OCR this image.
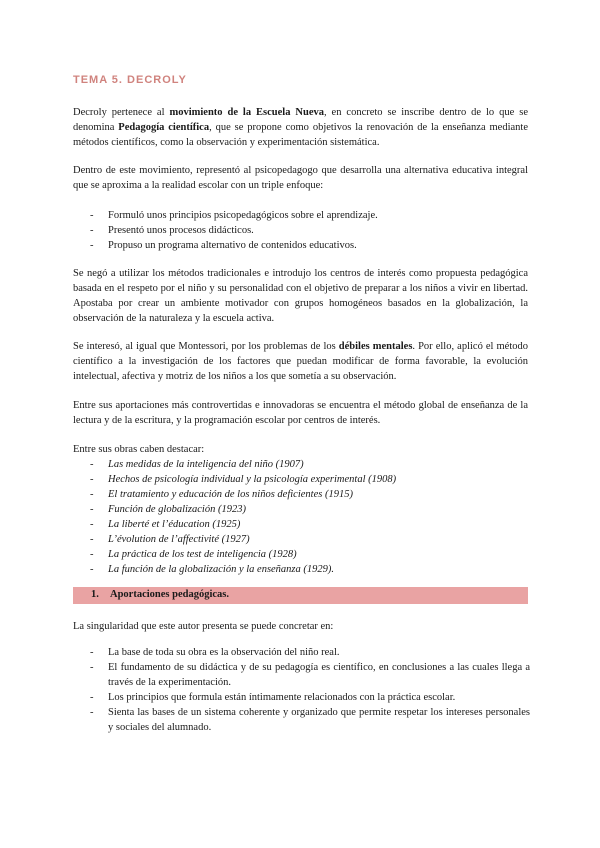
TEMA 5. DECROLY

Decroly pertenece al movimiento de la Escuela Nueva, en concreto se inscribe dentro de lo que se denomina Pedagogía científica, que se propone como objetivos la renovación de la enseñanza mediante métodos científicos, como la observación y experimentación sistemática.

Dentro de este movimiento, representó al psicopedagogo que desarrolla una alternativa educativa integral que se aproxima a la realidad escolar con un triple enfoque:

- Formuló unos principios psicopedagógicos sobre el aprendizaje.
- Presentó unos procesos didácticos.
- Propuso un programa alternativo de contenidos educativos.

Se negó a utilizar los métodos tradicionales e introdujo los centros de interés como propuesta pedagógica basada en el respeto por el niño y su personalidad con el objetivo de preparar a los niños a vivir en libertad. Apostaba por crear un ambiente motivador con grupos homogéneos basados en la globalización, la observación de la naturaleza y la escuela activa.

Se interesó, al igual que Montessori, por los problemas de los débiles mentales. Por ello, aplicó el método científico a la investigación de los factores que puedan modificar de forma favorable, la evolución intelectual, afectiva y motriz de los niños a los que sometía a su observación.

Entre sus aportaciones más controvertidas e innovadoras se encuentra el método global de enseñanza de la lectura y de la escritura, y la programación escolar por centros de interés.

Entre sus obras caben destacar:

- Las medidas de la inteligencia del niño (1907)
- Hechos de psicología individual y la psicología experimental (1908)
- El tratamiento y educación de los niños deficientes (1915)
- Función de globalización (1923)
- La liberté et l’éducation (1925)
- L’évolution de l’affectivité (1927)
- La práctica de los test de inteligencia (1928)
- La función de la globalización y la enseñanza (1929).
1. Aportaciones pedagógicas.

La singularidad que este autor presenta se puede concretar en:

- La base de toda su obra es la observación del niño real.
- El fundamento de su didáctica y de su pedagogía es científico, en conclusiones a las cuales llega a través de la experimentación.
- Los principios que formula están íntimamente relacionados con la práctica escolar.
- Sienta las bases de un sistema coherente y organizado que permite respetar los intereses personales y sociales del alumnado.
